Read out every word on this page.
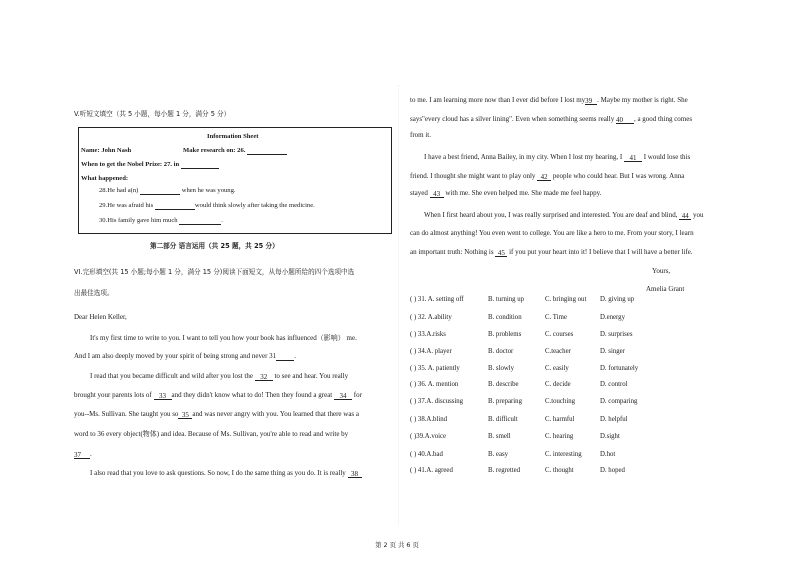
V.听短文填空（共 5 小题，每小题 1 分，满分 5 分）
Information Sheet
Name: John Nash	Make research on: 26.
When to get the Nobel Prize: 27. in
What happened:
28.He had a(n)	when he was young.
29.He was afraid his	would think slowly after taking the medicine.
30.His family gave him much	.
第二部分 语言运用（共 25 题，共 25 分）
VI.完形填空(共 15 小题;每小题 1 分，满分 15 分)阅读下面短文，从每小题所给的四个选项中选
出最佳选项。
Dear Helen Keller,
It's my first time to write to you. I want to tell you how your book has influenced（影响） me.
And I am also deeply moved by your spirit of being strong and never 31	.
I read that you became difficult and wild after you lost the 32 to see and hear. You really
brought your parents lots of 33 and they didn't know what to do! Then they found a great 34 for
you--Ms. Sullivan. She taught you so 35 and was never angry with you. You learned that there was a
word to 36 every object(物体) and idea. Because of Ms. Sullivan, you're able to read and write by
37 .
I also read that you love to ask questions. So now, I do the same thing as you do. It is really 38
to me. I am learning more now than I ever did before I lost my39 . Maybe my mother is right. She
says"every cloud has a silver lining". Even when something seems really 40 , a good thing comes
from it.
I have a best friend, Anna Bailey, in my city. When I lost my hearing, I 41 I would lose this
friend. I thought she might want to play only 42 people who could hear. But I was wrong. Anna
stayed 43 with me. She even helped me. She made me feel happy.
When I first heard about you, I was really surprised and interested. You are deaf and blind, 44 you
can do almost anything! You even went to college. You are like a hero to me. From your story, I learn
an important truth: Nothing is 45 if you put your heart into it! I believe that I will have a better life.
Yours,
Amelia Grant
( ) 31. A. setting off	B. turning up	C. bringing out D. giving up
( ) 32. A.ability	B. condition	C. Time	D.energy
( ) 33.A.risks	B. problems	C. courses	D. surprises
( ) 34.A. player	B. doctor	C.teacher	D. singer
( ) 35. A. patiently	B. slowly	C. easily	D. fortunately
( ) 36. A. mention	B. describe	C. decide	D. control
( ) 37.A. discussing	B. preparing	C.touching	D. comparing
( ) 38.A.blind	B. difficult	C. harmful	D. helpful
( )39.A.voice	B. smell	C. hearing	D.sight
( ) 40.A.bad	B. easy	C. interesting	D.hot
( ) 41.A. agreed	B. regretted	C. thought	D. hoped
第 2 页 共 6 页
